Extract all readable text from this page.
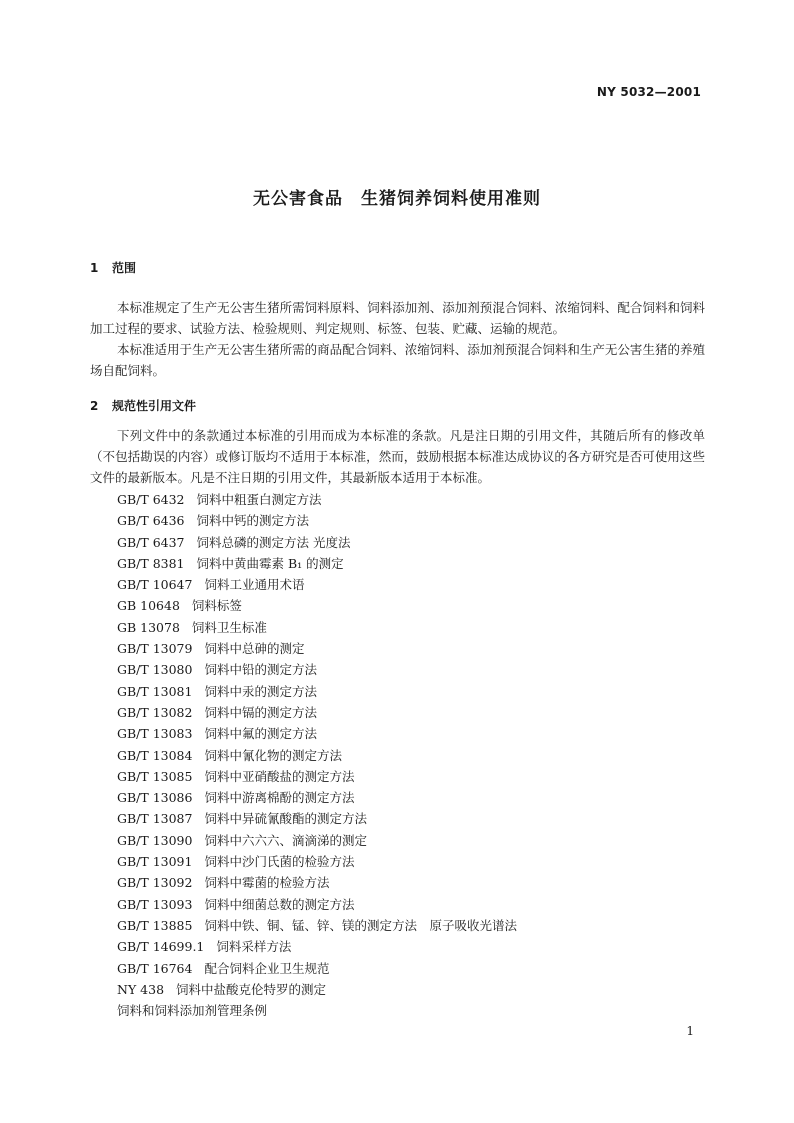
NY 5032—2001
无公害食品　生猪饲养饲料使用准则
1 范围

本标准规定了生产无公害生猪所需饲料原料、饲料添加剂、添加剂预混合饲料、浓缩饲料、配合饲料和饲料加工过程的要求、试验方法、检验规则、判定规则、标签、包装、贮藏、运输的规范。

本标准适用于生产无公害生猪所需的商品配合饲料、浓缩饲料、添加剂预混合饲料和生产无公害生猪的养殖场自配饲料。

2 规范性引用文件

下列文件中的条款通过本标准的引用而成为本标准的条款。凡是注日期的引用文件，其随后所有的修改单（不包括勘误的内容）或修订版均不适用于本标准，然而，鼓励根据本标准达成协议的各方研究是否可使用这些文件的最新版本。凡是不注日期的引用文件，其最新版本适用于本标准。

GB/T 6432 饲料中粗蛋白测定方法
GB/T 6436 饲料中钙的测定方法
GB/T 6437 饲料总磷的测定方法 光度法
GB/T 8381 饲料中黄曲霉素 B₁ 的测定
GB/T 10647 饲料工业通用术语
GB 10648 饲料标签
GB 13078 饲料卫生标准
GB/T 13079 饲料中总砷的测定
GB/T 13080 饲料中铅的测定方法
GB/T 13081 饲料中汞的测定方法
GB/T 13082 饲料中镉的测定方法
GB/T 13083 饲料中氟的测定方法
GB/T 13084 饲料中氰化物的测定方法
GB/T 13085 饲料中亚硝酸盐的测定方法
GB/T 13086 饲料中游离棉酚的测定方法
GB/T 13087 饲料中异硫氰酸酯的测定方法
GB/T 13090 饲料中六六六、滴滴涕的测定
GB/T 13091 饲料中沙门氏菌的检验方法
GB/T 13092 饲料中霉菌的检验方法
GB/T 13093 饲料中细菌总数的测定方法
GB/T 13885 饲料中铁、铜、锰、锌、镁的测定方法　原子吸收光谱法
GB/T 14699.1 饲料采样方法
GB/T 16764 配合饲料企业卫生规范
NY 438 饲料中盐酸克伦特罗的测定
饲料和饲料添加剂管理条例
1
